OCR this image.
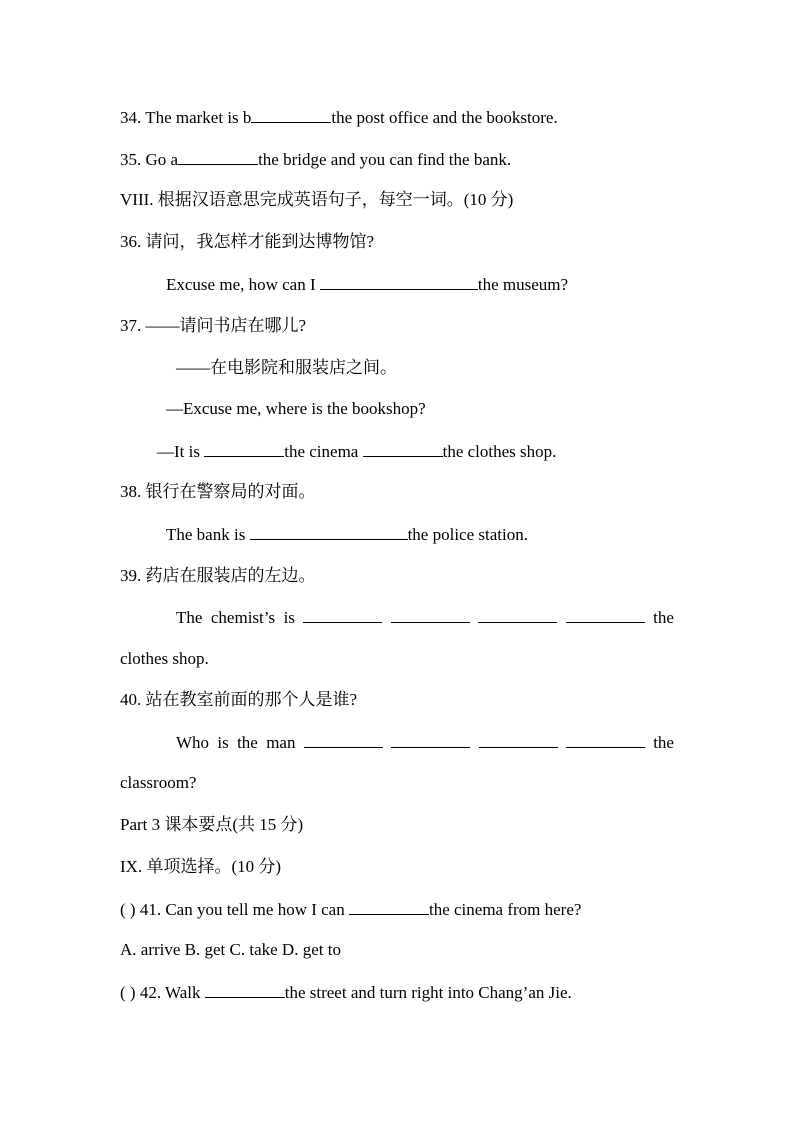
34. The market is b	the post office and the bookstore.
35. Go a	the bridge and you can find the bank.
VIII. 根据汉语意思完成英语句子，每空一词。(10 分)
36. 请问，我怎样才能到达博物馆?
Excuse me, how can I	the museum?
37. ——请问书店在哪儿?
——在电影院和服装店之间。
—Excuse me, where is the bookshop?
—It is	the cinema	the clothes shop.
38. 银行在警察局的对面。
The bank is	the police station.
39. 药店在服装店的左边。
The chemist’s is	the
clothes shop.
40. 站在教室前面的那个人是谁?
Who is the man	the
classroom?
Part 3 课本要点(共 15 分)
IX. 单项选择。(10 分)
( ) 41. Can you tell me how I can	the cinema from here?
A. arrive B. get C. take D. get to
( ) 42. Walk	the street and turn right into Chang’an Jie.
